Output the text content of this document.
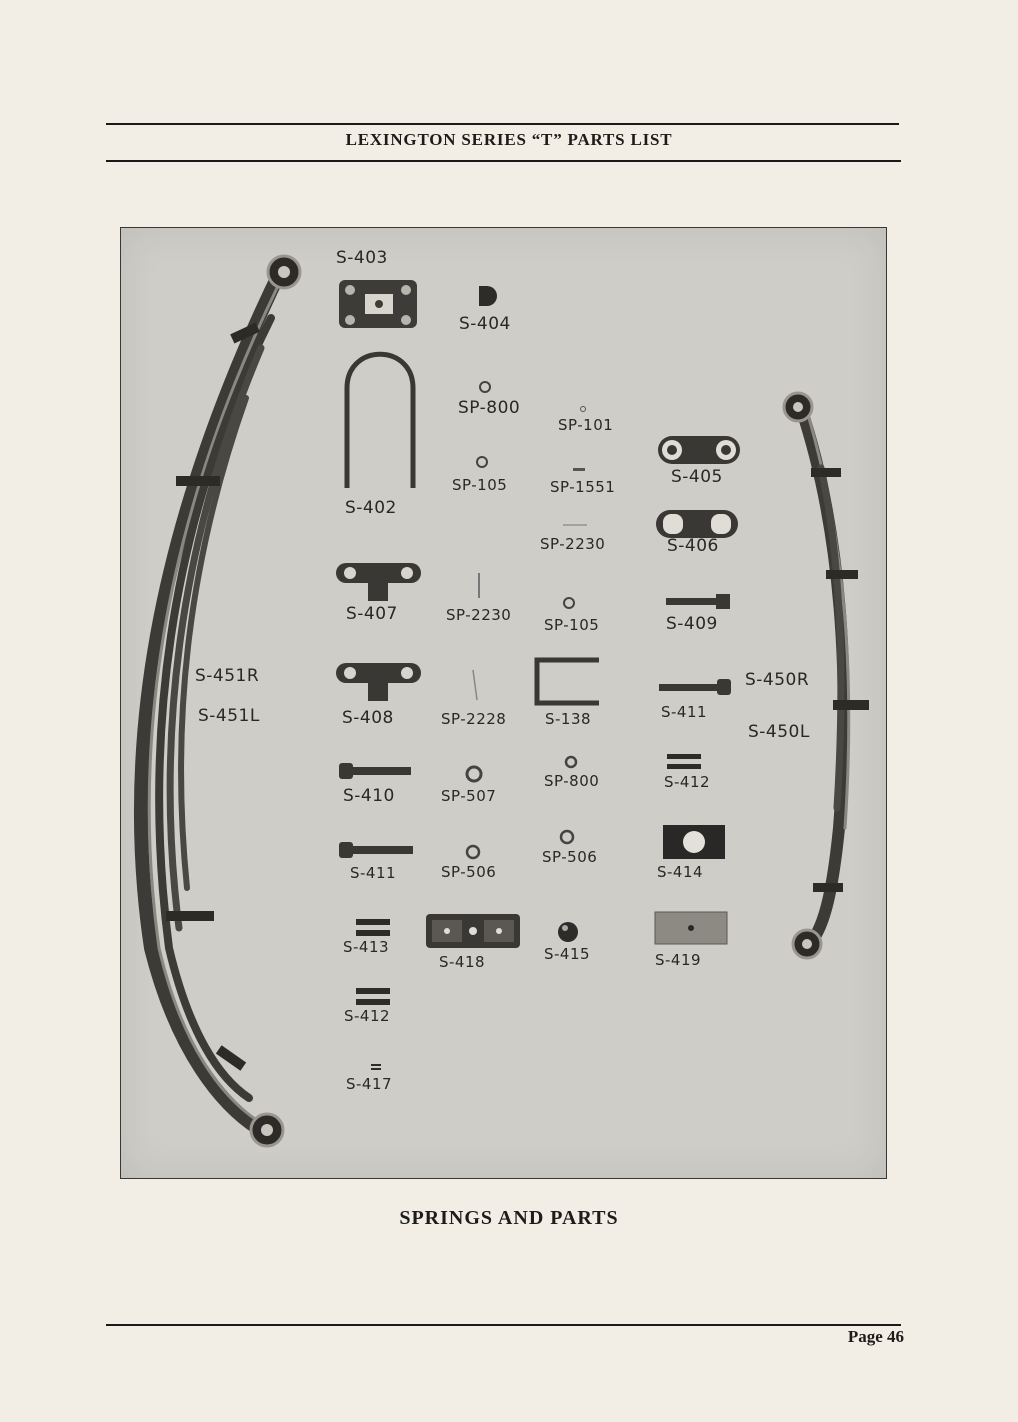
LEXINGTON SERIES “T” PARTS LIST
S-403
S-404
SP-800
SP-101
S-405
SP-105	SP-1551
S-402
SP-2230	S-406
S-407	SP-2230
SP-105	S-409
S-451R	S-450R
S-408	SP-2228	S-138	S-411
S-451L
S-450L
S-410	SP-507
SP-800	S-412
S-411	SP-506
SP-506
S-414
S-413
S-418	S-415	S-419
S-412
S-417
SPRINGS AND PARTS
Page 46
